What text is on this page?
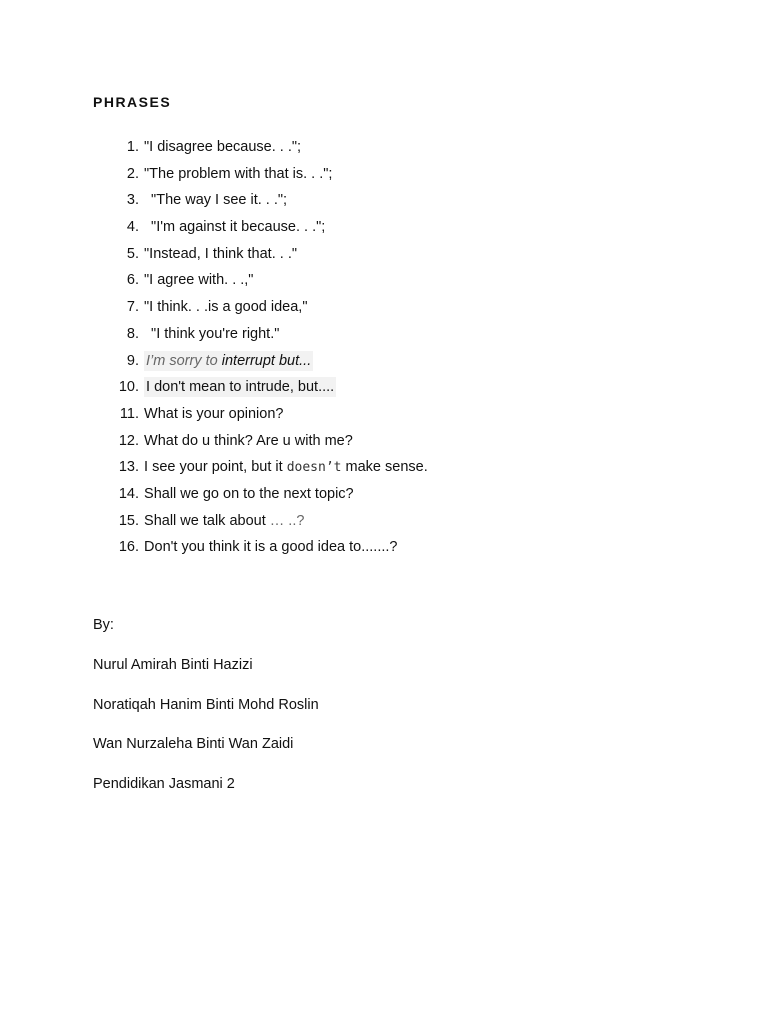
PHRASES
1. "I disagree because. . .";
2. "The problem with that is. . .";
3.  "The way I see it. . .";
4.  "I'm against it because. . .";
5. "Instead, I think that. . ."
6. "I agree with. . .,"
7. "I think. . .is a good idea,"
8.  "I think you're right."
9. I’m sorry to interrupt but...
10. I don't mean to intrude, but....
11. What is your opinion?
12. What do u think? Are u with me?
13. I see your point, but it doesn’t make sense.
14. Shall we go on to the next topic?
15. Shall we talk about … ..?
16. Don't you think it is a good idea to.......?

By:

Nurul Amirah Binti Hazizi

Noratiqah Hanim Binti Mohd Roslin

Wan Nurzaleha Binti Wan Zaidi

Pendidikan Jasmani 2
